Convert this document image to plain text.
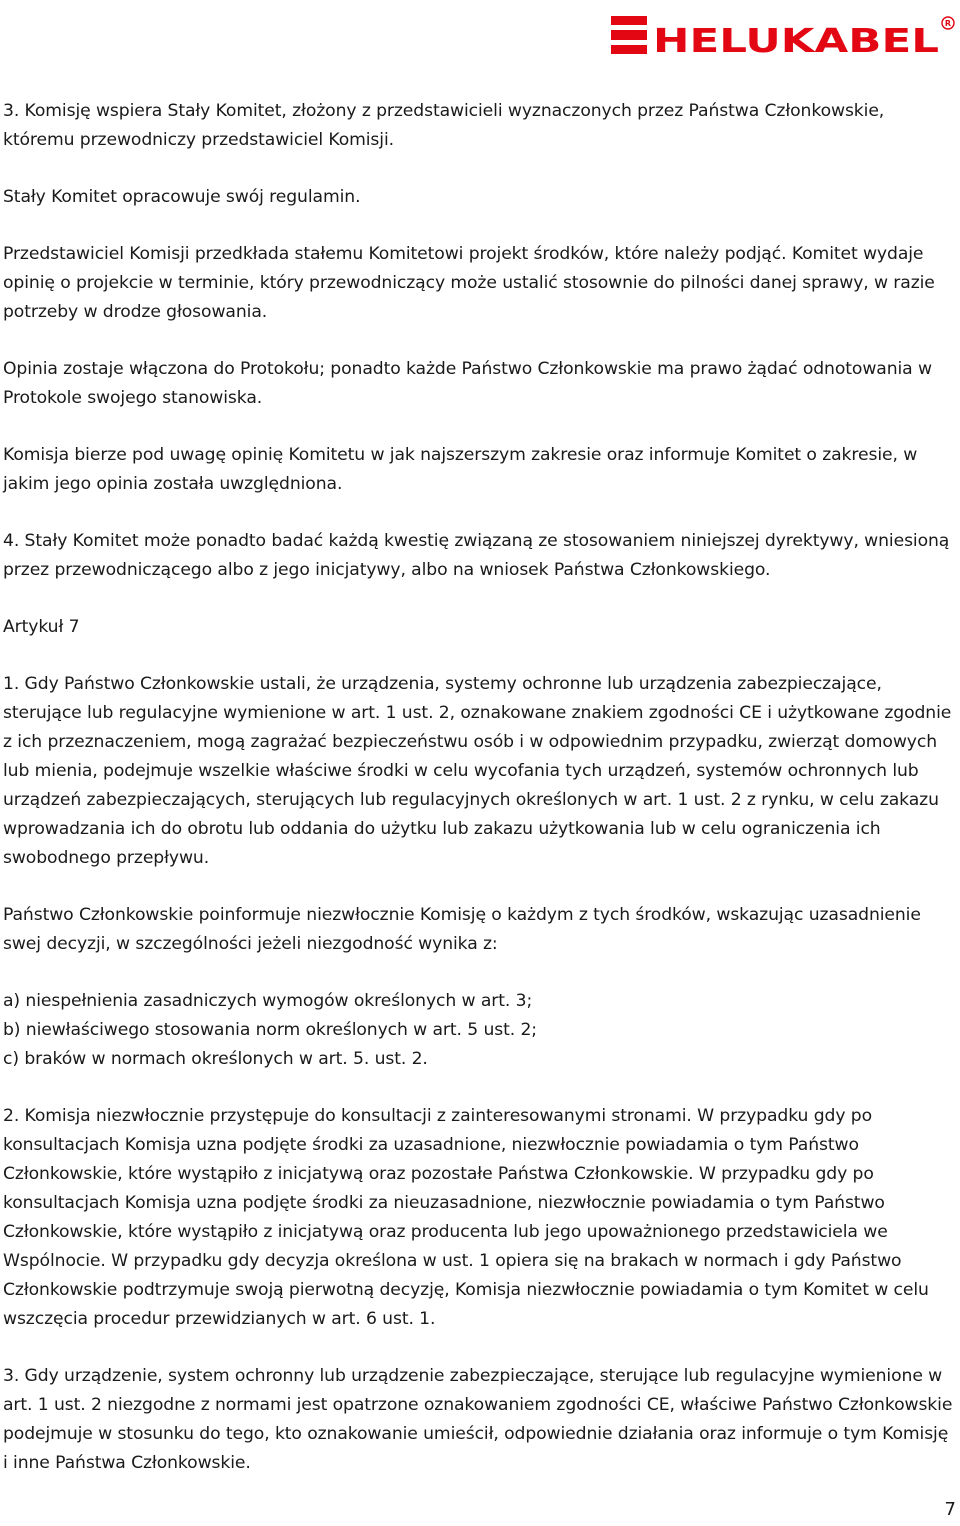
HELUKABEL R

3. Komisję wspiera Stały Komitet, złożony z przedstawicieli wyznaczonych przez Państwa Członkowskie, któremu przewodniczy przedstawiciel Komisji.

Stały Komitet opracowuje swój regulamin.

Przedstawiciel Komisji przedkłada stałemu Komitetowi projekt środków, które należy podjąć. Komitet wydaje opinię o projekcie w terminie, który przewodniczący może ustalić stosownie do pilności danej sprawy, w razie potrzeby w drodze głosowania.

Opinia zostaje włączona do Protokołu; ponadto każde Państwo Członkowskie ma prawo żądać odnotowania w Protokole swojego stanowiska.

Komisja bierze pod uwagę opinię Komitetu w jak najszerszym zakresie oraz informuje Komitet o zakresie, w jakim jego opinia została uwzględniona.

4. Stały Komitet może ponadto badać każdą kwestię związaną ze stosowaniem niniejszej dyrektywy, wniesioną przez przewodniczącego albo z jego inicjatywy, albo na wniosek Państwa Członkowskiego.

Artykuł 7

1. Gdy Państwo Członkowskie ustali, że urządzenia, systemy ochronne lub urządzenia zabezpieczające, sterujące lub regulacyjne wymienione w art. 1 ust. 2, oznakowane znakiem zgodności CE i użytkowane zgodnie z ich przeznaczeniem, mogą zagrażać bezpieczeństwu osób i w odpowiednim przypadku, zwierząt domowych lub mienia, podejmuje wszelkie właściwe środki w celu wycofania tych urządzeń, systemów ochronnych lub urządzeń zabezpieczających, sterujących lub regulacyjnych określonych w art. 1 ust. 2 z rynku, w celu zakazu wprowadzania ich do obrotu lub oddania do użytku lub zakazu użytkowania lub w celu ograniczenia ich swobodnego przepływu.

Państwo Członkowskie poinformuje niezwłocznie Komisję o każdym z tych środków, wskazując uzasadnienie swej decyzji, w szczególności jeżeli niezgodność wynika z:

a) niespełnienia zasadniczych wymogów określonych w art. 3;

b) niewłaściwego stosowania norm określonych w art. 5 ust. 2;

c) braków w normach określonych w art. 5. ust. 2.

2. Komisja niezwłocznie przystępuje do konsultacji z zainteresowanymi stronami. W przypadku gdy po konsultacjach Komisja uzna podjęte środki za uzasadnione, niezwłocznie powiadamia o tym Państwo Członkowskie, które wystąpiło z inicjatywą oraz pozostałe Państwa Członkowskie. W przypadku gdy po konsultacjach Komisja uzna podjęte środki za nieuzasadnione, niezwłocznie powiadamia o tym Państwo Członkowskie, które wystąpiło z inicjatywą oraz producenta lub jego upoważnionego przedstawiciela we Wspólnocie. W przypadku gdy decyzja określona w ust. 1 opiera się na brakach w normach i gdy Państwo Członkowskie podtrzymuje swoją pierwotną decyzję, Komisja niezwłocznie powiadamia o tym Komitet w celu wszczęcia procedur przewidzianych w art. 6 ust. 1.

3. Gdy urządzenie, system ochronny lub urządzenie zabezpieczające, sterujące lub regulacyjne wymienione w art. 1 ust. 2 niezgodne z normami jest opatrzone oznakowaniem zgodności CE, właściwe Państwo Członkowskie podejmuje w stosunku do tego, kto oznakowanie umieścił, odpowiednie działania oraz informuje o tym Komisję i inne Państwa Członkowskie.

7
